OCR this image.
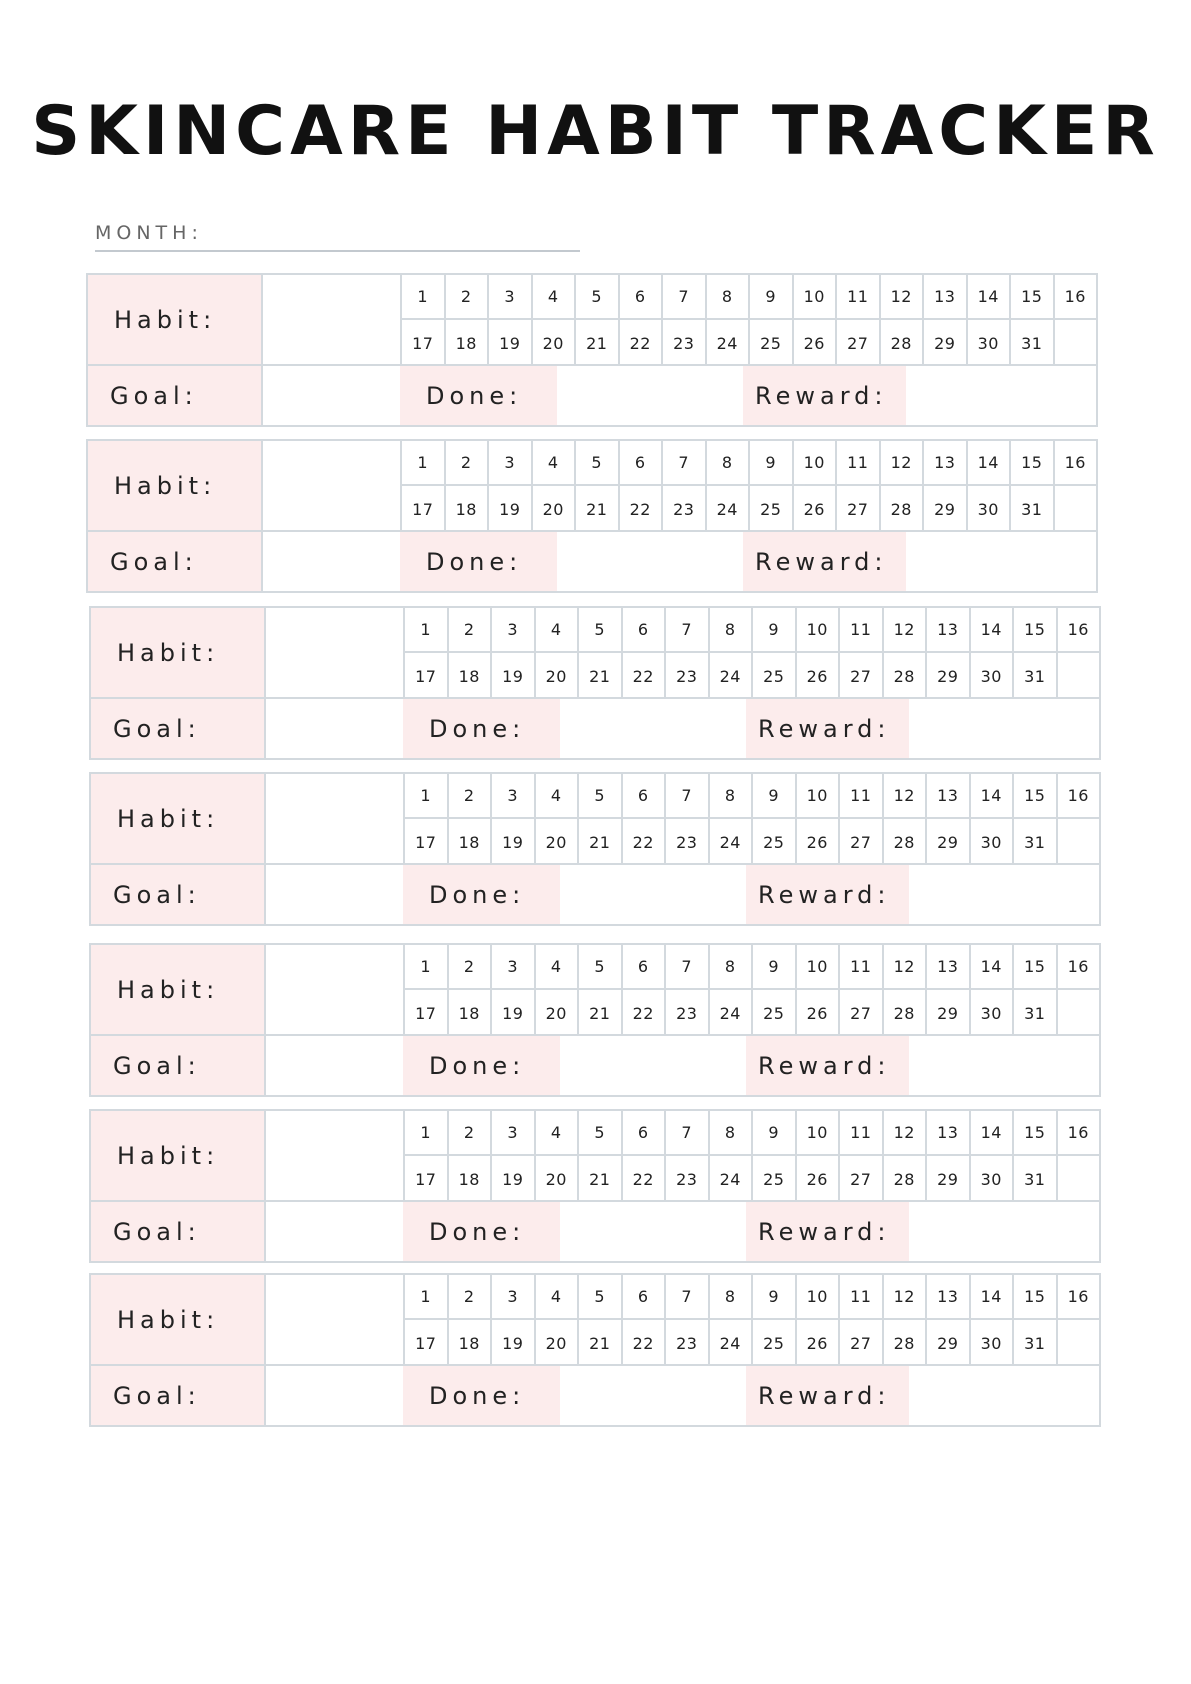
SKINCARE HABIT TRACKER
MONTH:
Habit:
1	2	3	4	5	6	7	8	9	10	11	12	13	14	15	16
17	18	19	20	21	22	23	24	25	26	27	28	29	30	31
Goal:	Done:	Reward:
Habit:
1	2	3	4	5	6	7	8	9	10	11	12	13	14	15	16
17	18	19	20	21	22	23	24	25	26	27	28	29	30	31
Goal:	Done:	Reward:
Habit:
1	2	3	4	5	6	7	8	9	10	11	12	13	14	15	16
17	18	19	20	21	22	23	24	25	26	27	28	29	30	31
Goal:	Done:	Reward:
Habit:
1	2	3	4	5	6	7	8	9	10	11	12	13	14	15	16
17	18	19	20	21	22	23	24	25	26	27	28	29	30	31
Goal:	Done:	Reward:
Habit:
1	2	3	4	5	6	7	8	9	10	11	12	13	14	15	16
17	18	19	20	21	22	23	24	25	26	27	28	29	30	31
Goal:	Done:	Reward:
Habit:
1	2	3	4	5	6	7	8	9	10	11	12	13	14	15	16
17	18	19	20	21	22	23	24	25	26	27	28	29	30	31
Goal:	Done:	Reward:
Habit:
1	2	3	4	5	6	7	8	9	10	11	12	13	14	15	16
17	18	19	20	21	22	23	24	25	26	27	28	29	30	31
Goal:	Done:	Reward:
